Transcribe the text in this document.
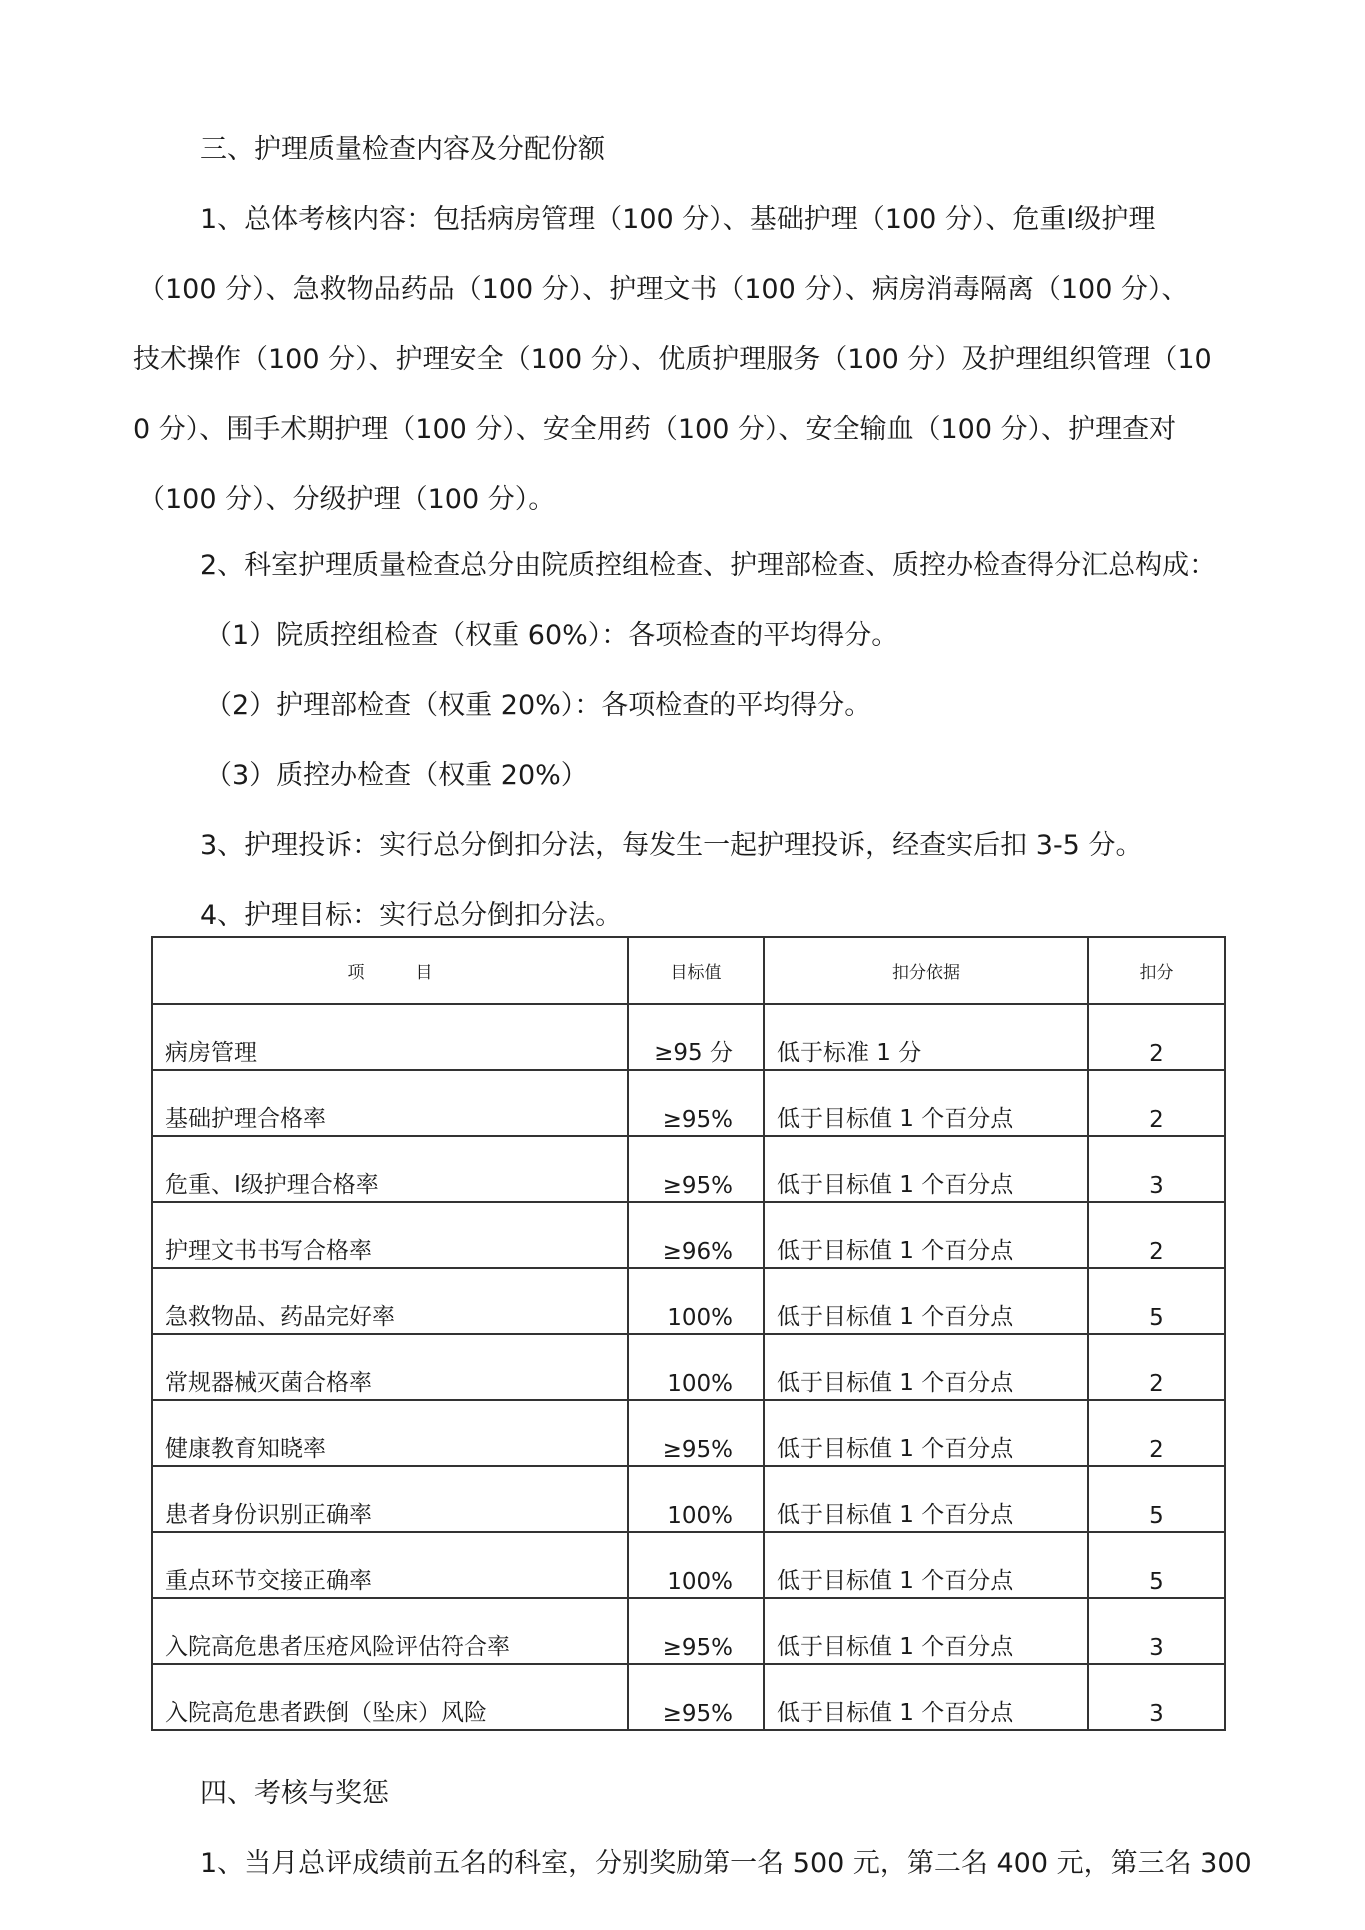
三、护理质量检查内容及分配份额
1、总体考核内容：包括病房管理（100 分）、基础护理（100 分）、危重Ⅰ级护理
（100 分）、急救物品药品（100 分）、护理文书（100 分）、病房消毒隔离（100 分）、
技术操作（100 分）、护理安全（100 分）、优质护理服务（100 分）及护理组织管理（10
0 分）、围手术期护理（100 分）、安全用药（100 分）、安全输血（100 分）、护理查对
（100 分）、分级护理（100 分）。
2、科室护理质量检查总分由院质控组检查、护理部检查、质控办检查得分汇总构成：
（1）院质控组检查（权重 60%）：各项检查的平均得分。
（2）护理部检查（权重 20%）：各项检查的平均得分。
（3）质控办检查（权重 20%）
3、护理投诉：实行总分倒扣分法，每发生一起护理投诉，经查实后扣 3-5 分。
4、护理目标：实行总分倒扣分法。
项　　　目	目标值	扣分依据	扣分
病房管理	≥95 分	低于标准 1 分	2
基础护理合格率	≥95%	低于目标值 1 个百分点	2
危重、Ⅰ级护理合格率	≥95%	低于目标值 1 个百分点	3
护理文书书写合格率	≥96%	低于目标值 1 个百分点	2
急救物品、药品完好率	100%	低于目标值 1 个百分点	5
常规器械灭菌合格率	100%	低于目标值 1 个百分点	2
健康教育知晓率	≥95%	低于目标值 1 个百分点	2
患者身份识别正确率	100%	低于目标值 1 个百分点	5
重点环节交接正确率	100%	低于目标值 1 个百分点	5
入院高危患者压疮风险评估符合率	≥95%	低于目标值 1 个百分点	3
入院高危患者跌倒（坠床）风险	≥95%	低于目标值 1 个百分点	3
四、考核与奖惩
1、当月总评成绩前五名的科室，分别奖励第一名 500 元，第二名 400 元，第三名 300
